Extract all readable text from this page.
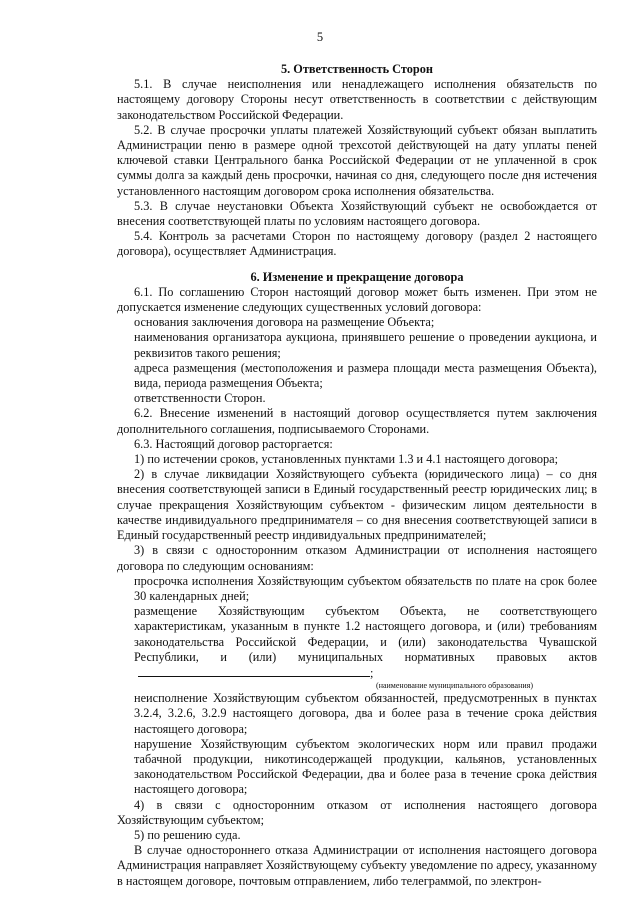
5

5. Ответственность Сторон

5.1. В случае неисполнения или ненадлежащего исполнения обязательств по настоящему договору Стороны несут ответственность в соответствии с действующим законодательством Российской Федерации.

5.2. В случае просрочки уплаты платежей Хозяйствующий субъект обязан выплатить Администрации пеню в размере одной трехсотой действующей на дату уплаты пеней ключевой ставки Центрального банка Российской Федерации от не уплаченной в срок суммы долга за каждый день просрочки, начиная со дня, следующего после дня истечения установленного настоящим договором срока исполнения обязательства.

5.3. В случае неустановки Объекта Хозяйствующий субъект не освобождается от внесения соответствующей платы по условиям настоящего договора.

5.4. Контроль за расчетами Сторон по настоящему договору (раздел 2 настоящего договора), осуществляет Администрация.

6. Изменение и прекращение договора

6.1. По соглашению Сторон настоящий договор может быть изменен. При этом не допускается изменение следующих существенных условий договора:

основания заключения договора на размещение Объекта;

наименования организатора аукциона, принявшего решение о проведении аукциона, и реквизитов такого решения;

адреса размещения (местоположения и размера площади места размещения Объекта), вида, периода размещения Объекта;

ответственности Сторон.

6.2. Внесение изменений в настоящий договор осуществляется путем заключения дополнительного соглашения, подписываемого Сторонами.

6.3. Настоящий договор расторгается:

1) по истечении сроков, установленных пунктами 1.3 и 4.1 настоящего договора;

2) в случае ликвидации Хозяйствующего субъекта (юридического лица) – со дня внесения соответствующей записи в Единый государственный реестр юридических лиц; в случае прекращения Хозяйствующим субъектом - физическим лицом деятельности в качестве индивидуального предпринимателя – со дня внесения соответствующей записи в Единый государственный реестр индивидуальных предпринимателей;

3) в связи с односторонним отказом Администрации от исполнения настоящего договора по следующим основаниям:

просрочка исполнения Хозяйствующим субъектом обязательств по плате на срок более 30 календарных дней;

размещение Хозяйствующим субъектом Объекта, не соответствующего характеристикам, указанным в пункте 1.2 настоящего договора, и (или) требованиям законодательства Российской Федерации, и (или) законодательства Чувашской Республики, и (или) муниципальных нормативных правовых актов;

(наименование муниципального образования)

неисполнение Хозяйствующим субъектом обязанностей, предусмотренных в пунктах 3.2.4, 3.2.6, 3.2.9 настоящего договора, два и более раза в течение срока действия настоящего договора;

нарушение Хозяйствующим субъектом экологических норм или правил продажи табачной продукции, никотинсодержащей продукции, кальянов, установленных законодательством Российской Федерации, два и более раза в течение срока действия настоящего договора;

4) в связи с односторонним отказом от исполнения настоящего договора Хозяйствующим субъектом;

5) по решению суда.

В случае одностороннего отказа Администрации от исполнения настоящего договора Администрация направляет Хозяйствующему субъекту уведомление по адресу, указанному в настоящем договоре, почтовым отправлением, либо телеграммой, по электрон-
